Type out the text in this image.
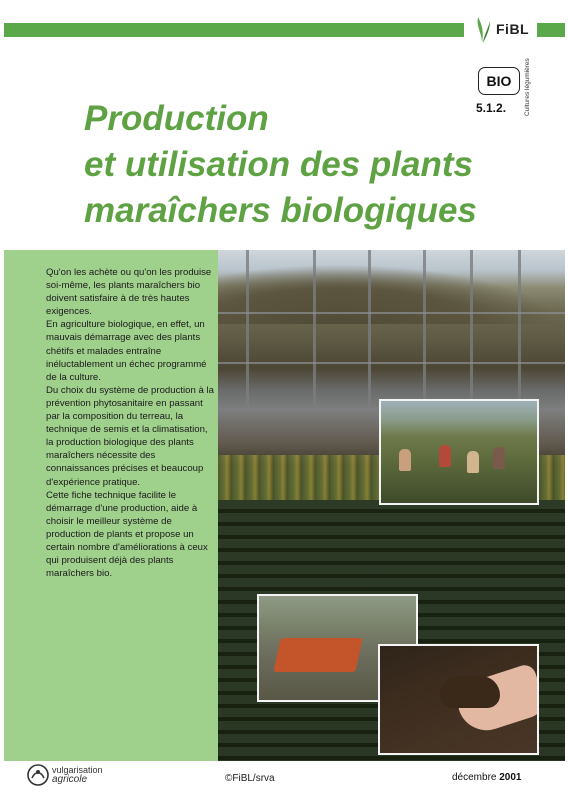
FiBL
BIO
5.1.2.	Cultures légumières
Production
et utilisation des plants
maraîchers biologiques

Qu'on les achète ou qu'on les produise soi-même, les plants maraîchers bio doivent satisfaire à de très hautes exigences.

En agriculture biologique, en effet, un mauvais démarrage avec des plants chétifs et malades entraîne inéluctablement un échec programmé de la culture.

Du choix du système de production à la prévention phytosanitaire en passant par la composition du terreau, la technique de semis et la climatisation, la production biologique des plants maraîchers nécessite des connaissances précises et beaucoup d'expérience pratique.

Cette fiche technique facilite le démarrage d'une production, aide à choisir le meilleur système de production de plants et propose un certain nombre d'améliorations à ceux qui produisent déjà des plants maraîchers bio.

vulgarisation
agricole	©FiBL/srva	décembre 2001
